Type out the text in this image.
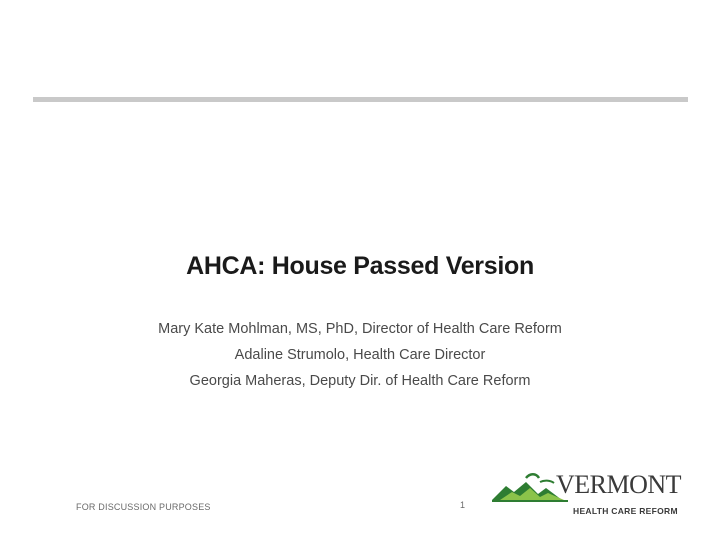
AHCA: House Passed Version
Mary Kate Mohlman, MS, PhD, Director of Health Care Reform
Adaline Strumolo, Health Care Director
Georgia Maheras, Deputy Dir. of Health Care Reform
FOR DISCUSSION PURPOSES	1
VERMONT
HEALTH CARE REFORM
